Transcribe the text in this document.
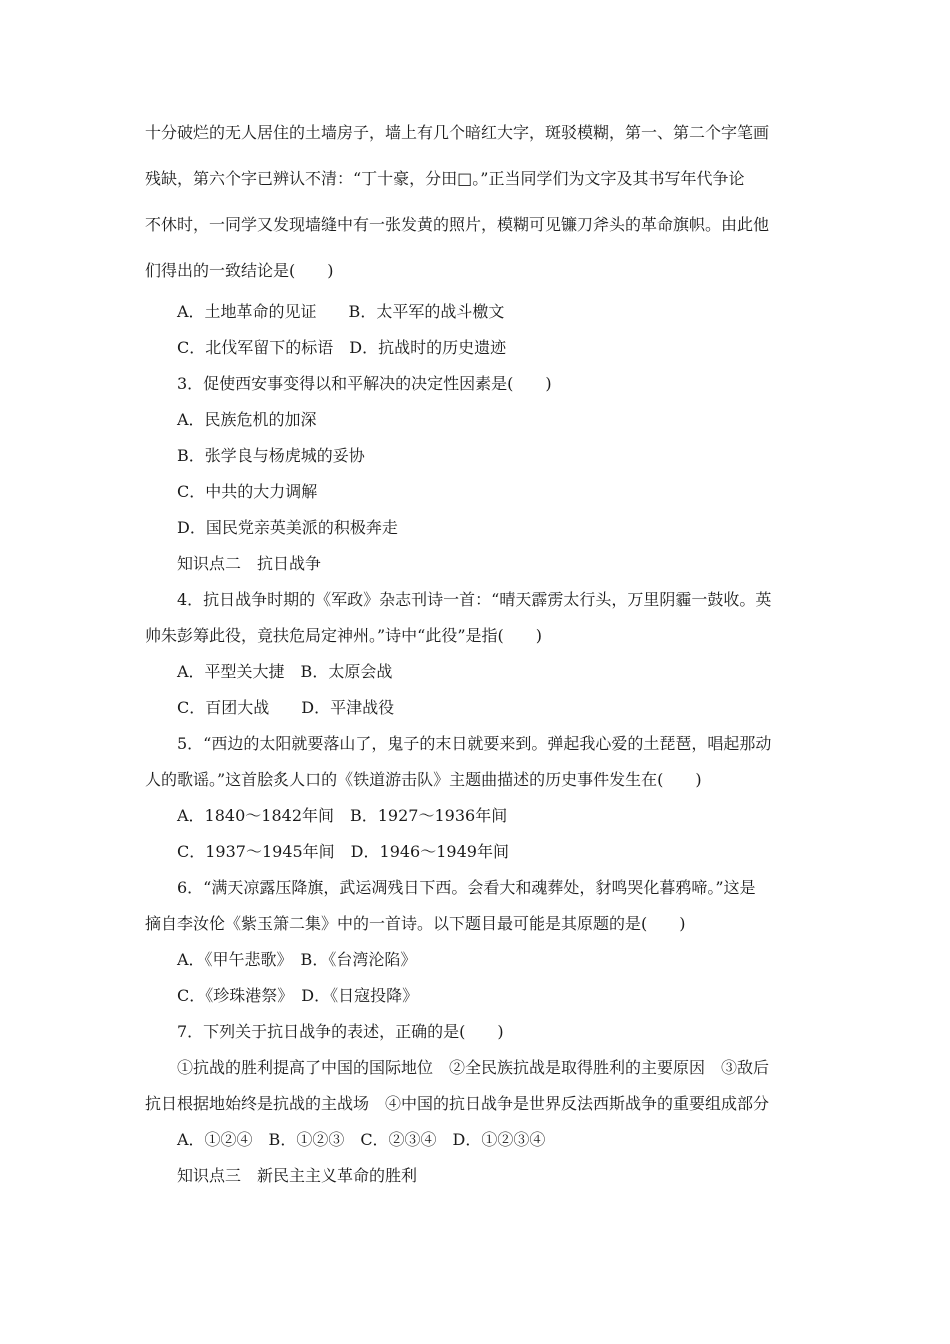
十分破烂的无人居住的土墙房子，墙上有几个暗红大字，斑驳模糊，第一、第二个字笔画
残缺，第六个字已辨认不清：“丁十豪，分田□。”正当同学们为文字及其书写年代争论
不休时，一同学又发现墙缝中有一张发黄的照片，模糊可见镰刀斧头的革命旗帜。由此他
们得出的一致结论是(　　)
A．土地革命的见证　　B．太平军的战斗檄文
C．北伐军留下的标语　D．抗战时的历史遗迹
3．促使西安事变得以和平解决的决定性因素是(　　)
A．民族危机的加深
B．张学良与杨虎城的妥协
C．中共的大力调解
D．国民党亲英美派的积极奔走
知识点二　抗日战争
4．抗日战争时期的《军政》杂志刊诗一首：“晴天霹雳太行头，万里阴霾一鼓收。英
帅朱彭筹此役，竟扶危局定神州。”诗中“此役”是指(　　)
A．平型关大捷　B．太原会战
C．百团大战　　D．平津战役
5．“西边的太阳就要落山了，鬼子的末日就要来到。弹起我心爱的土琵琶，唱起那动
人的歌谣。”这首脍炙人口的《铁道游击队》主题曲描述的历史事件发生在(　　)
A．1840～1842年间　B．1927～1936年间
C．1937～1945年间　D．1946～1949年间
6．“满天凉露压降旗，武运凋残日下西。会看大和魂葬处，豺鸣哭化暮鸦啼。”这是
摘自李汝伦《紫玉箫二集》中的一首诗。以下题目最可能是其原题的是(　　)
A．《甲午悲歌》　B．《台湾沦陷》
C．《珍珠港祭》　D．《日寇投降》
7．下列关于抗日战争的表述，正确的是(　　)
①抗战的胜利提高了中国的国际地位　②全民族抗战是取得胜利的主要原因　③敌后
抗日根据地始终是抗战的主战场　④中国的抗日战争是世界反法西斯战争的重要组成部分
A．①②④　B．①②③　C．②③④　D．①②③④
知识点三　新民主主义革命的胜利
